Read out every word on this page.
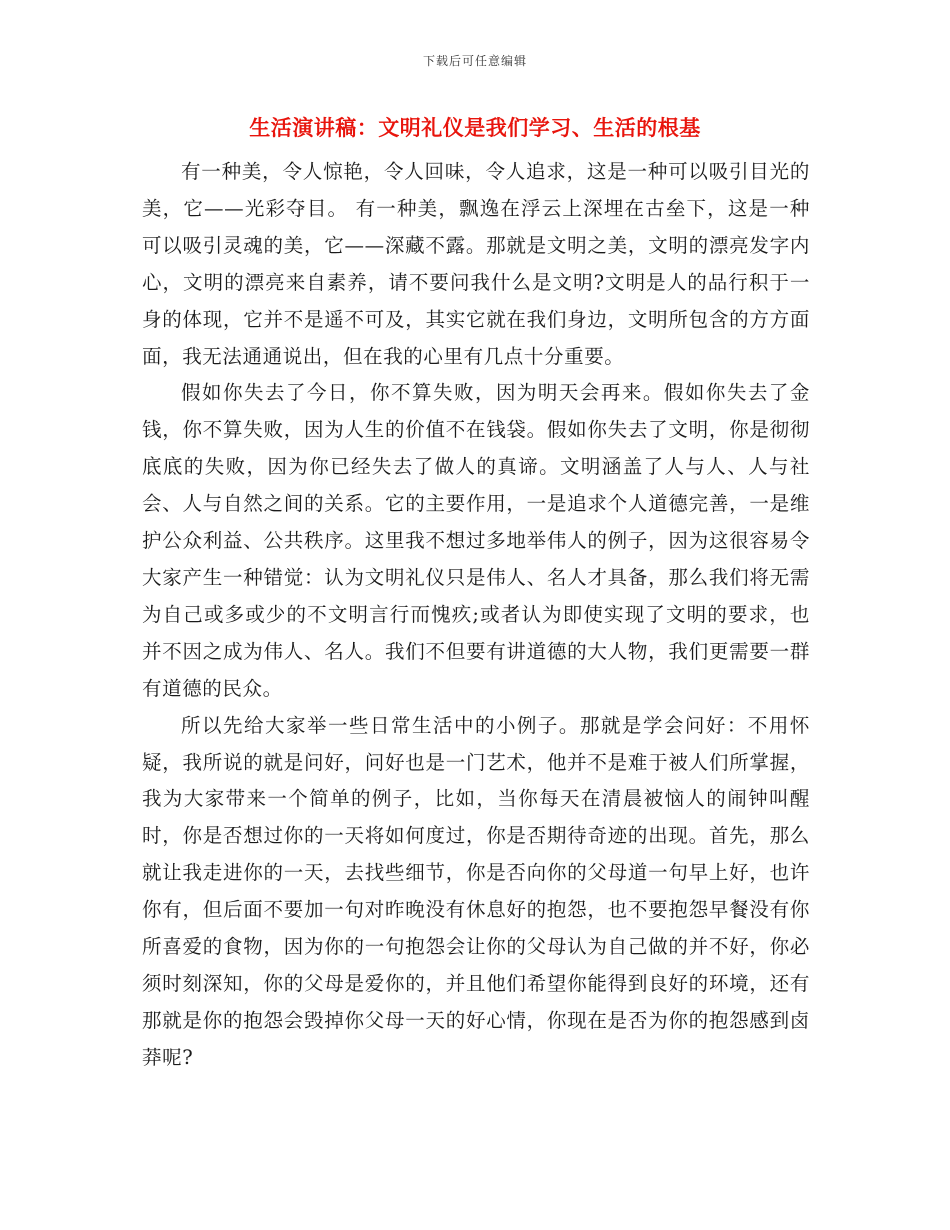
下载后可任意编辑
生活演讲稿：文明礼仪是我们学习、生活的根基

有一种美，令人惊艳，令人回味，令人追求，这是一种可以吸引目光的美，它——光彩夺目。 有一种美，飘逸在浮云上深埋在古垒下，这是一种可以吸引灵魂的美，它——深藏不露。那就是文明之美，文明的漂亮发字内心，文明的漂亮来自素养，请不要问我什么是文明?文明是人的品行积于一身的体现，它并不是遥不可及，其实它就在我们身边，文明所包含的方方面面，我无法通通说出，但在我的心里有几点十分重要。

假如你失去了今日，你不算失败，因为明天会再来。假如你失去了金钱，你不算失败，因为人生的价值不在钱袋。假如你失去了文明，你是彻彻底底的失败，因为你已经失去了做人的真谛。文明涵盖了人与人、人与社会、人与自然之间的关系。它的主要作用，一是追求个人道德完善，一是维护公众利益、公共秩序。这里我不想过多地举伟人的例子，因为这很容易令大家产生一种错觉：认为文明礼仪只是伟人、名人才具备，那么我们将无需为自己或多或少的不文明言行而愧疚;或者认为即使实现了文明的要求，也并不因之成为伟人、名人。我们不但要有讲道德的大人物，我们更需要一群有道德的民众。

所以先给大家举一些日常生活中的小例子。那就是学会问好：不用怀疑，我所说的就是问好，问好也是一门艺术，他并不是难于被人们所掌握，我为大家带来一个简单的例子，比如，当你每天在清晨被恼人的闹钟叫醒时，你是否想过你的一天将如何度过，你是否期待奇迹的出现。首先，那么就让我走进你的一天，去找些细节，你是否向你的父母道一句早上好，也许你有，但后面不要加一句对昨晚没有休息好的抱怨，也不要抱怨早餐没有你所喜爱的食物，因为你的一句抱怨会让你的父母认为自己做的并不好，你必须时刻深知，你的父母是爱你的，并且他们希望你能得到良好的环境，还有那就是你的抱怨会毁掉你父母一天的好心情，你现在是否为你的抱怨感到卤莽呢?
